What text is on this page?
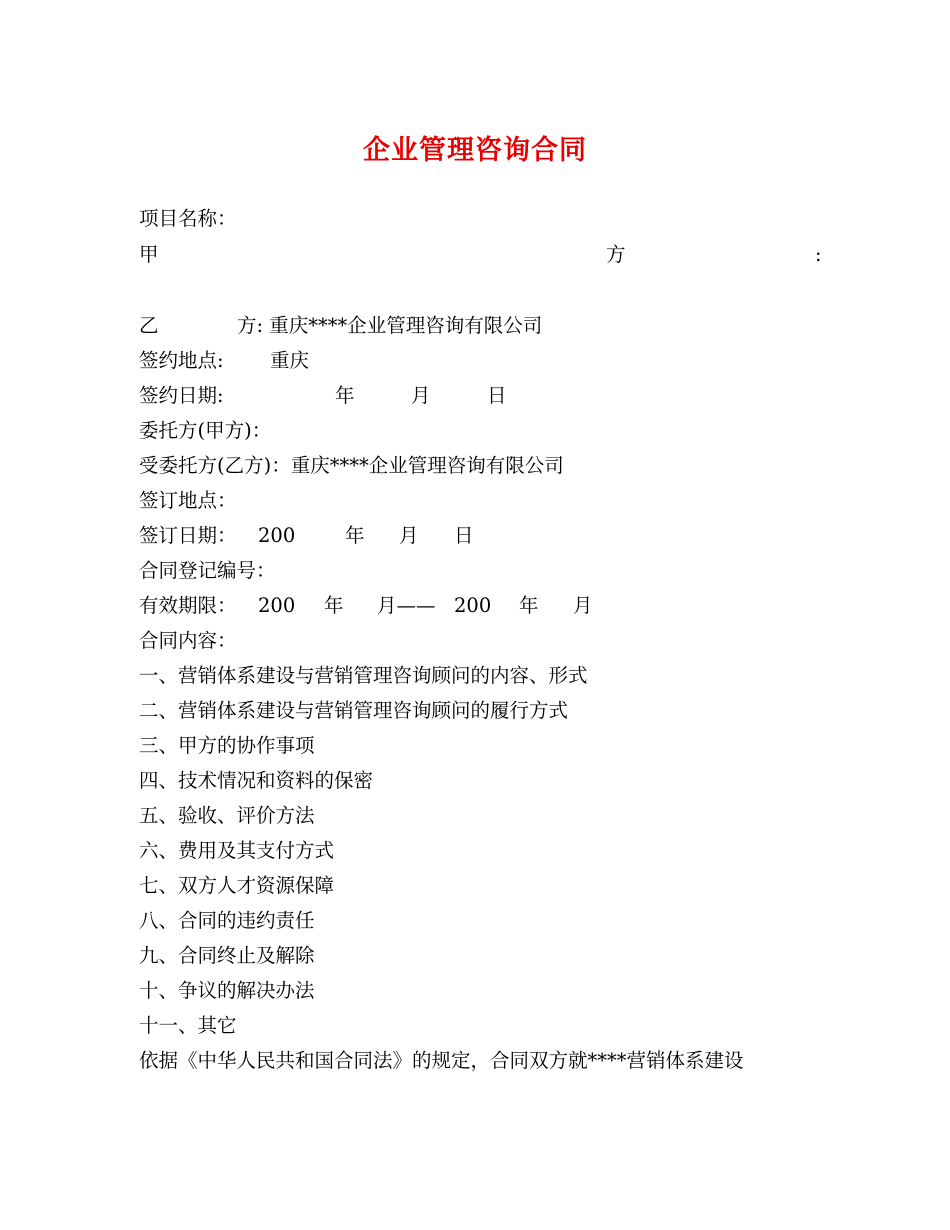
企业管理咨询合同
项目名称：
甲	方	:
乙	方: 重庆****企业管理咨询有限公司
签约地点: 重庆
签约日期:	年	月	日
委托方(甲方)：
受委托方(乙方)：重庆****企业管理咨询有限公司
签订地点：
签订日期： 200	年 月 日
合同登记编号：
有效期限： 200 年 月—— 200 年 月
合同内容：
一、营销体系建设与营销管理咨询顾问的内容、形式
二、营销体系建设与营销管理咨询顾问的履行方式
三、甲方的协作事项
四、技术情况和资料的保密
五、验收、评价方法
六、费用及其支付方式
七、双方人才资源保障
八、合同的违约责任
九、合同终止及解除
十、争议的解决办法
十一、其它
依据《中华人民共和国合同法》的规定，合同双方就****营销体系建设
